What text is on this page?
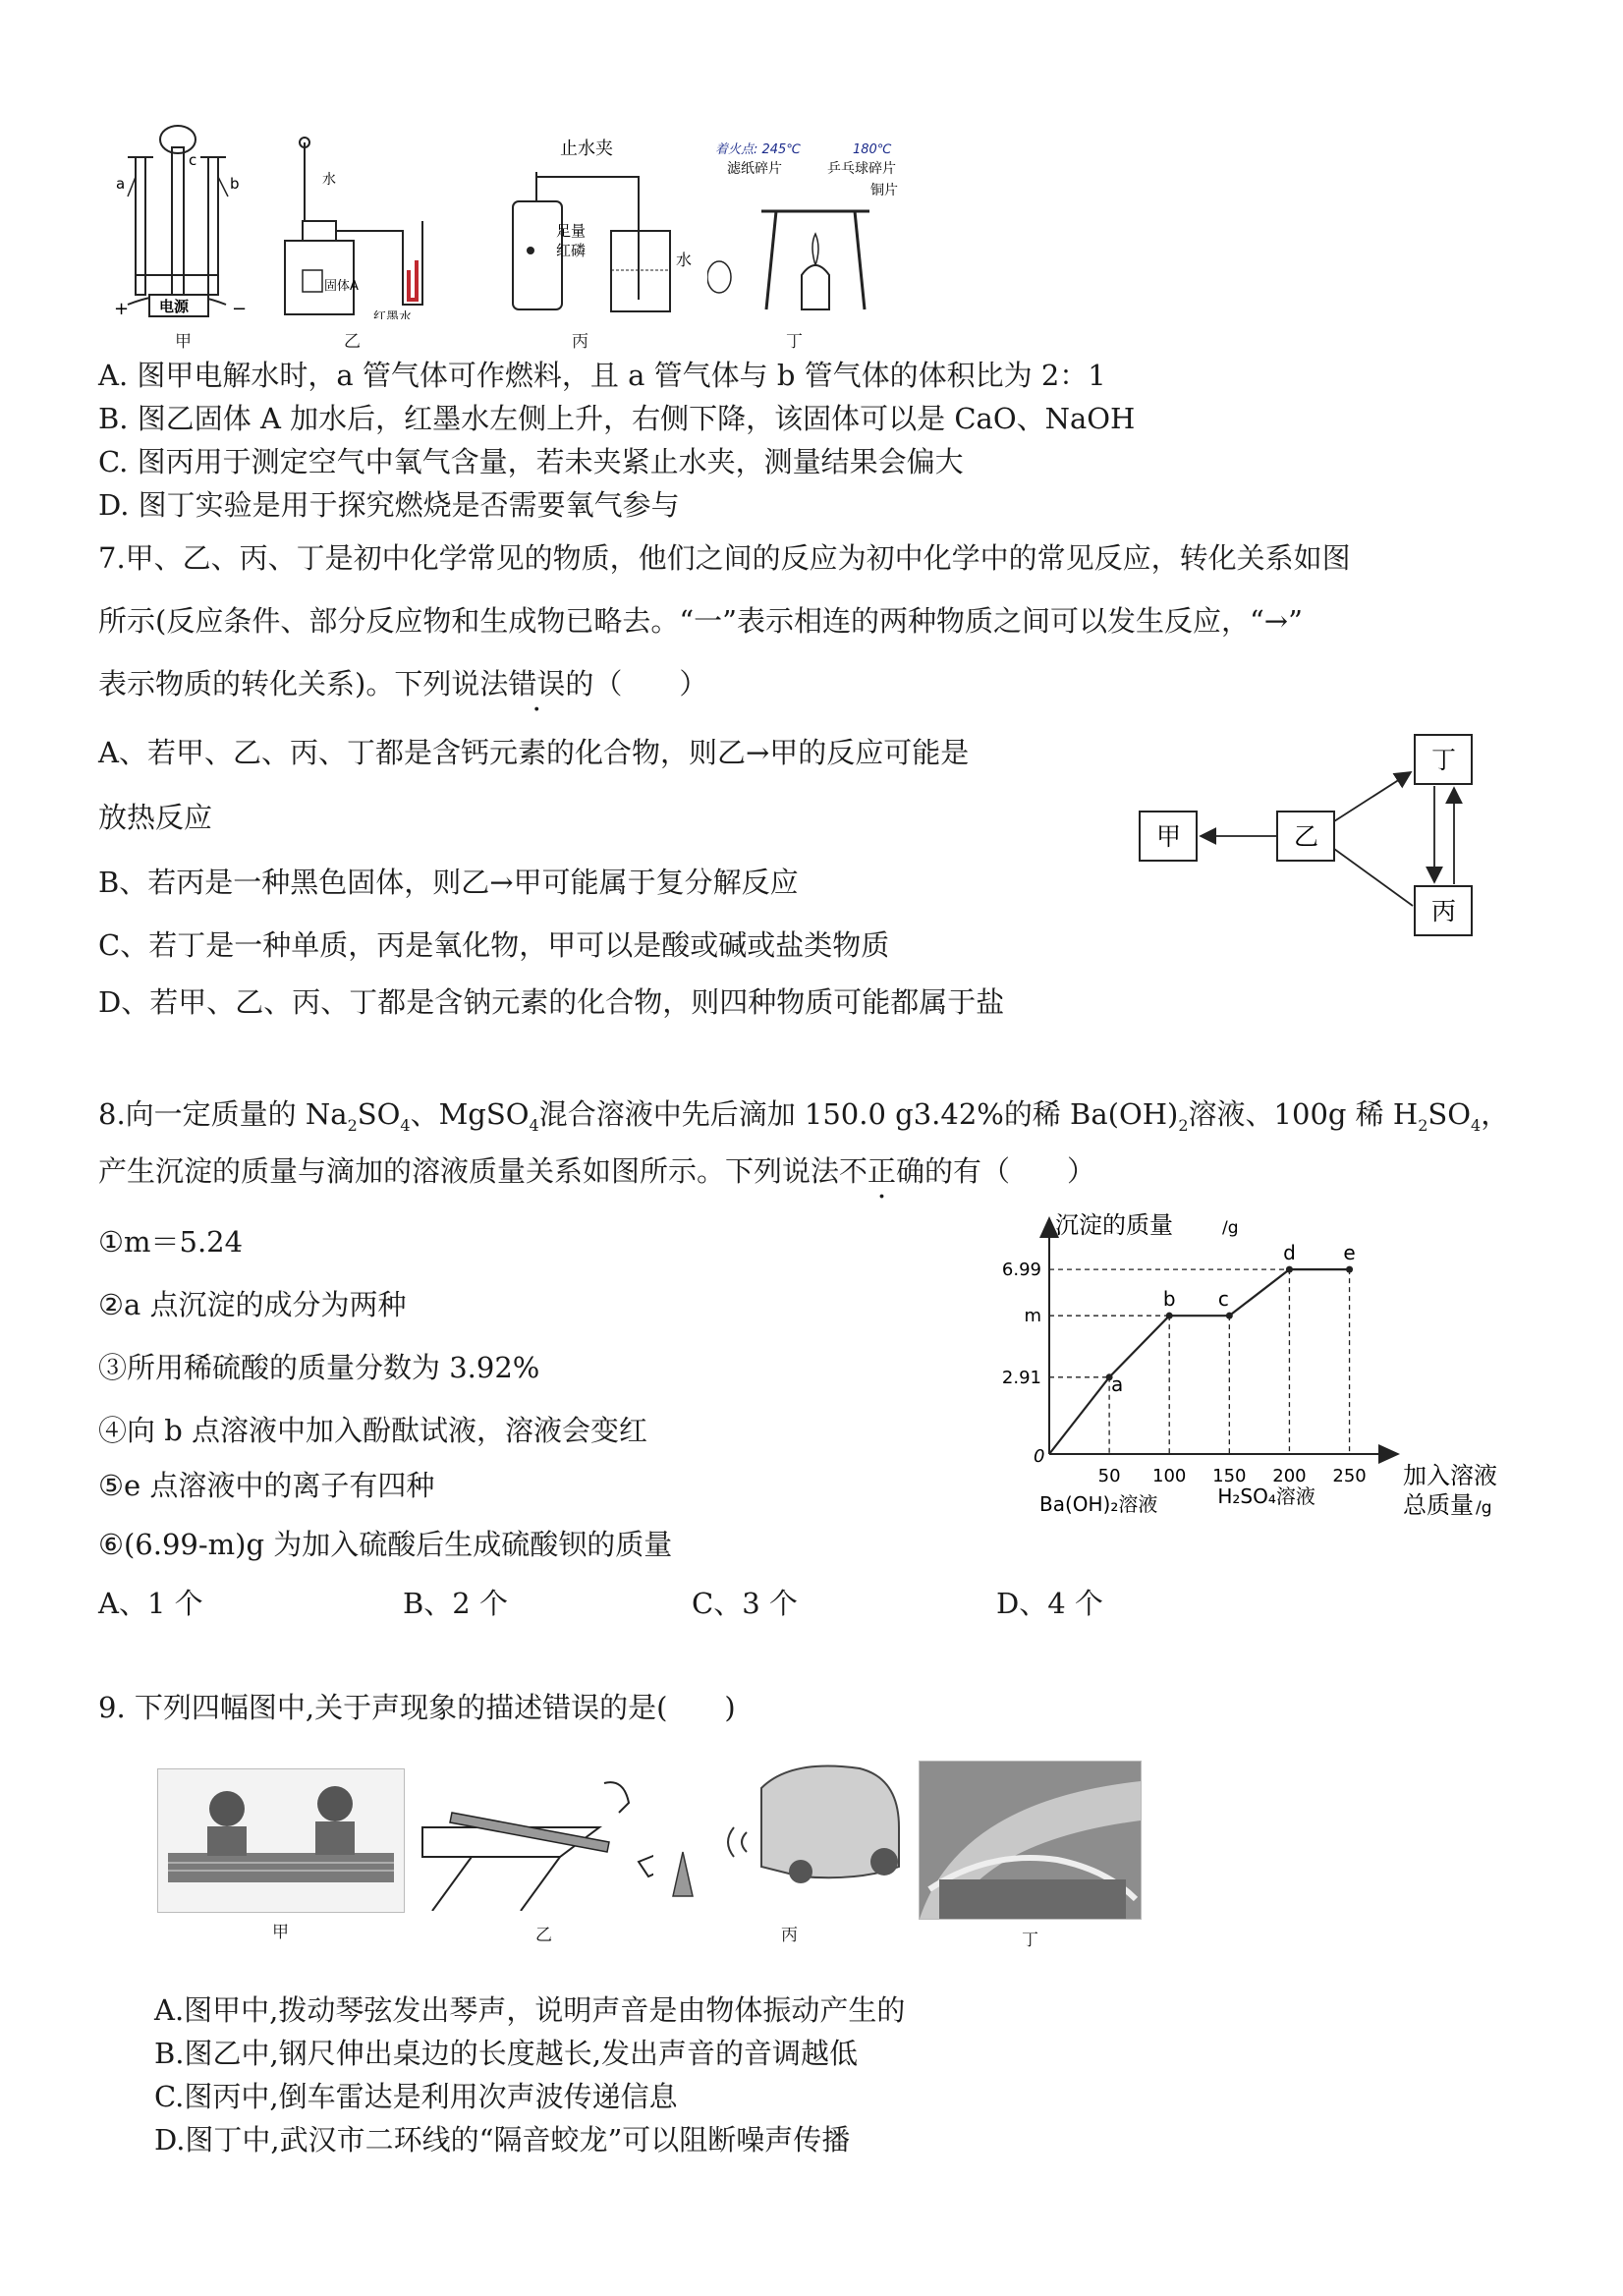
a
c
b
电源
+	−
甲
水
固体A
红墨水
乙
止水夹
足量
红磷	水
丙
着火点: 245℃	180℃
滤纸碎片	乒乓球碎片
铜片
丁
A. 图甲电解水时，a 管气体可作燃料，且 a 管气体与 b 管气体的体积比为 2：1
B. 图乙固体 A 加水后，红墨水左侧上升，右侧下降，该固体可以是 CaO、NaOH
C. 图丙用于测定空气中氧气含量，若未夹紧止水夹，测量结果会偏大
D. 图丁实验是用于探究燃烧是否需要氧气参与
7.甲、乙、丙、丁是初中化学常见的物质，他们之间的反应为初中化学中的常见反应，转化关系如图
所示(反应条件、部分反应物和生成物已略去。“一”表示相连的两种物质之间可以发生反应，“→”
表示物质的转化关系)。下列说法错误的（　　）
A、若甲、乙、丙、丁都是含钙元素的化合物，则乙→甲的反应可能是
放热反应
B、若丙是一种黑色固体，则乙→甲可能属于复分解反应
C、若丁是一种单质，丙是氧化物，甲可以是酸或碱或盐类物质
D、若甲、乙、丙、丁都是含钠元素的化合物，则四种物质可能都属于盐
甲	乙
丁
丙
8.向一定质量的 $Na_2SO_4$、MgSO$_4$混合溶液中先后滴加 150.0 g3.42%的稀 $Ba(OH)_2$溶液、100g 稀 $H_2SO_4$，
产生沉淀的质量与滴加的溶液质量关系如图所示。下列说法不正确的有（　　）
①m＝5.24
②a 点沉淀的成分为两种
③所用稀硫酸的质量分数为 3.92%
④向 b 点溶液中加入酚酞试液，溶液会变红
⑤e 点溶液中的离子有四种
⑥(6.99-m)g 为加入硫酸后生成硫酸钡的质量
A、1 个	B、2 个	C、3 个	D、4 个
沉淀的质量	/g
加入溶液
总质量 /g
0
50 100 150 200 250
2.91
m
6.99
a
b c
d e
Ba(OH)₂溶液	H₂SO₄溶液
9. 下列四幅图中,关于声现象的描述错误的是(　　)
甲	乙	丙	丁
A.图甲中,拨动琴弦发出琴声，说明声音是由物体振动产生的
B.图乙中,钢尺伸出桌边的长度越长,发出声音的音调越低
C.图丙中,倒车雷达是利用次声波传递信息
D.图丁中,武汉市二环线的“隔音蛟龙”可以阻断噪声传播
